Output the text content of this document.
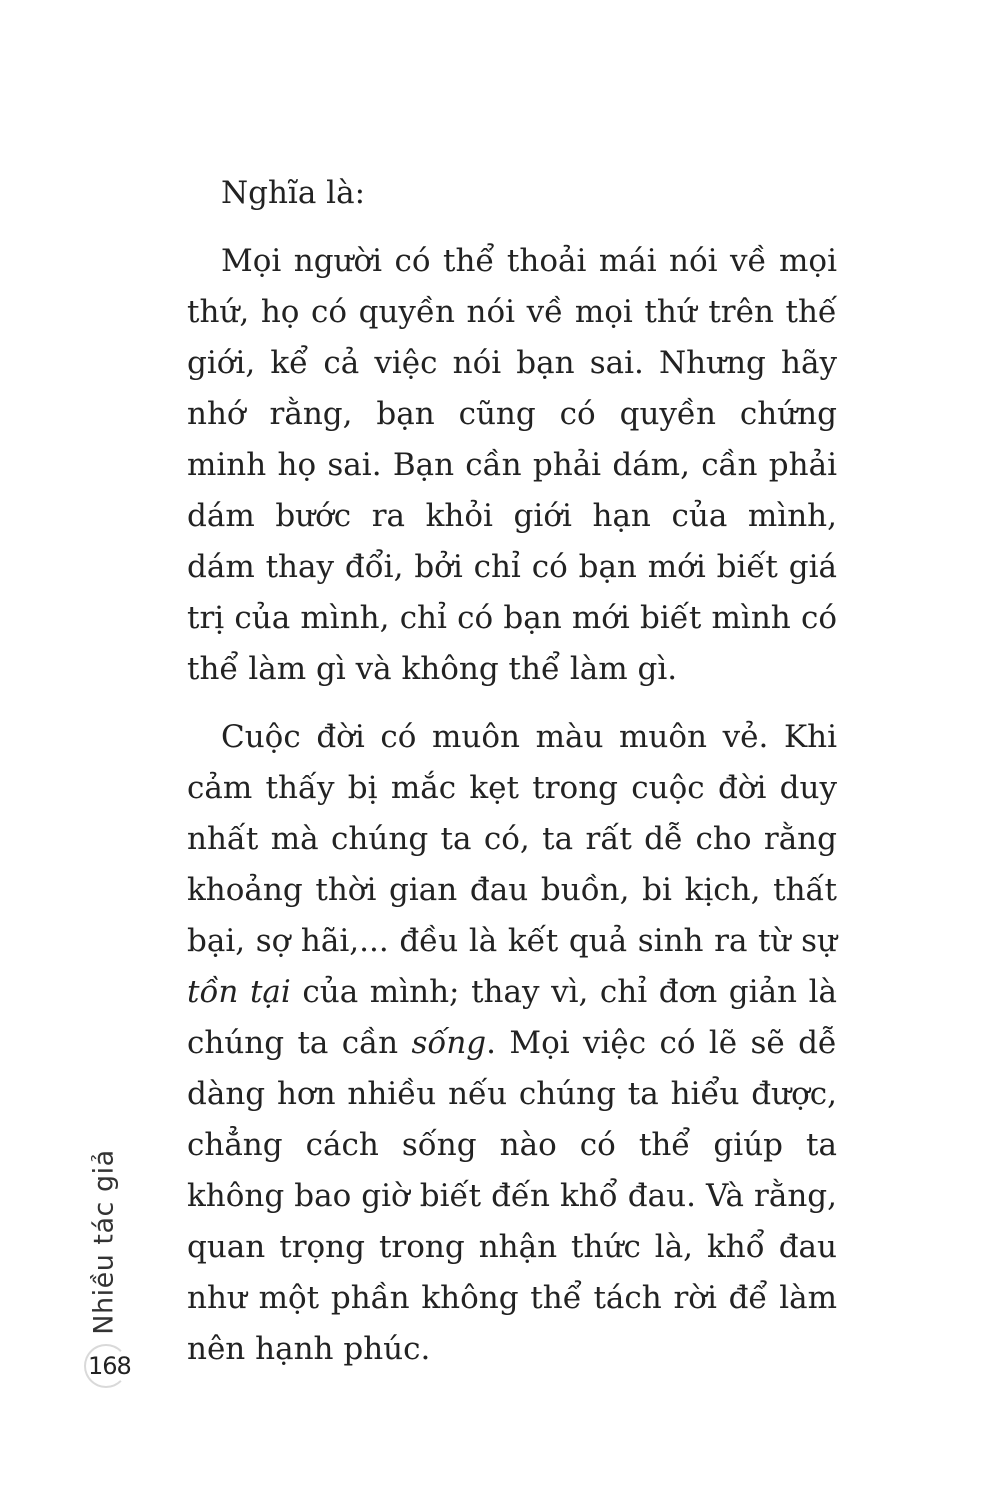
Nghĩa là:

Mọi người có thể thoải mái nói về mọi thứ, họ có quyền nói về mọi thứ trên thế giới, kể cả việc nói bạn sai. Nhưng hãy nhớ rằng, bạn cũng có quyền chứng minh họ sai. Bạn cần phải dám, cần phải dám bước ra khỏi giới hạn của mình, dám thay đổi, bởi chỉ có bạn mới biết giá trị của mình, chỉ có bạn mới biết mình có thể làm gì và không thể làm gì.

Cuộc đời có muôn màu muôn vẻ. Khi cảm thấy bị mắc kẹt trong cuộc đời duy nhất mà chúng ta có, ta rất dễ cho rằng khoảng thời gian đau buồn, bi kịch, thất bại, sợ hãi,... đều là kết quả sinh ra từ sự tồn tại của mình; thay vì, chỉ đơn giản là chúng ta cần sống. Mọi việc có lẽ sẽ dễ dàng hơn nhiều nếu chúng ta hiểu được, chẳng cách sống nào có thể giúp ta không bao giờ biết đến khổ đau. Và rằng, quan trọng trong nhận thức là, khổ đau như một phần không thể tách rời để làm nên hạnh phúc.

Nhiều tác giả
168
